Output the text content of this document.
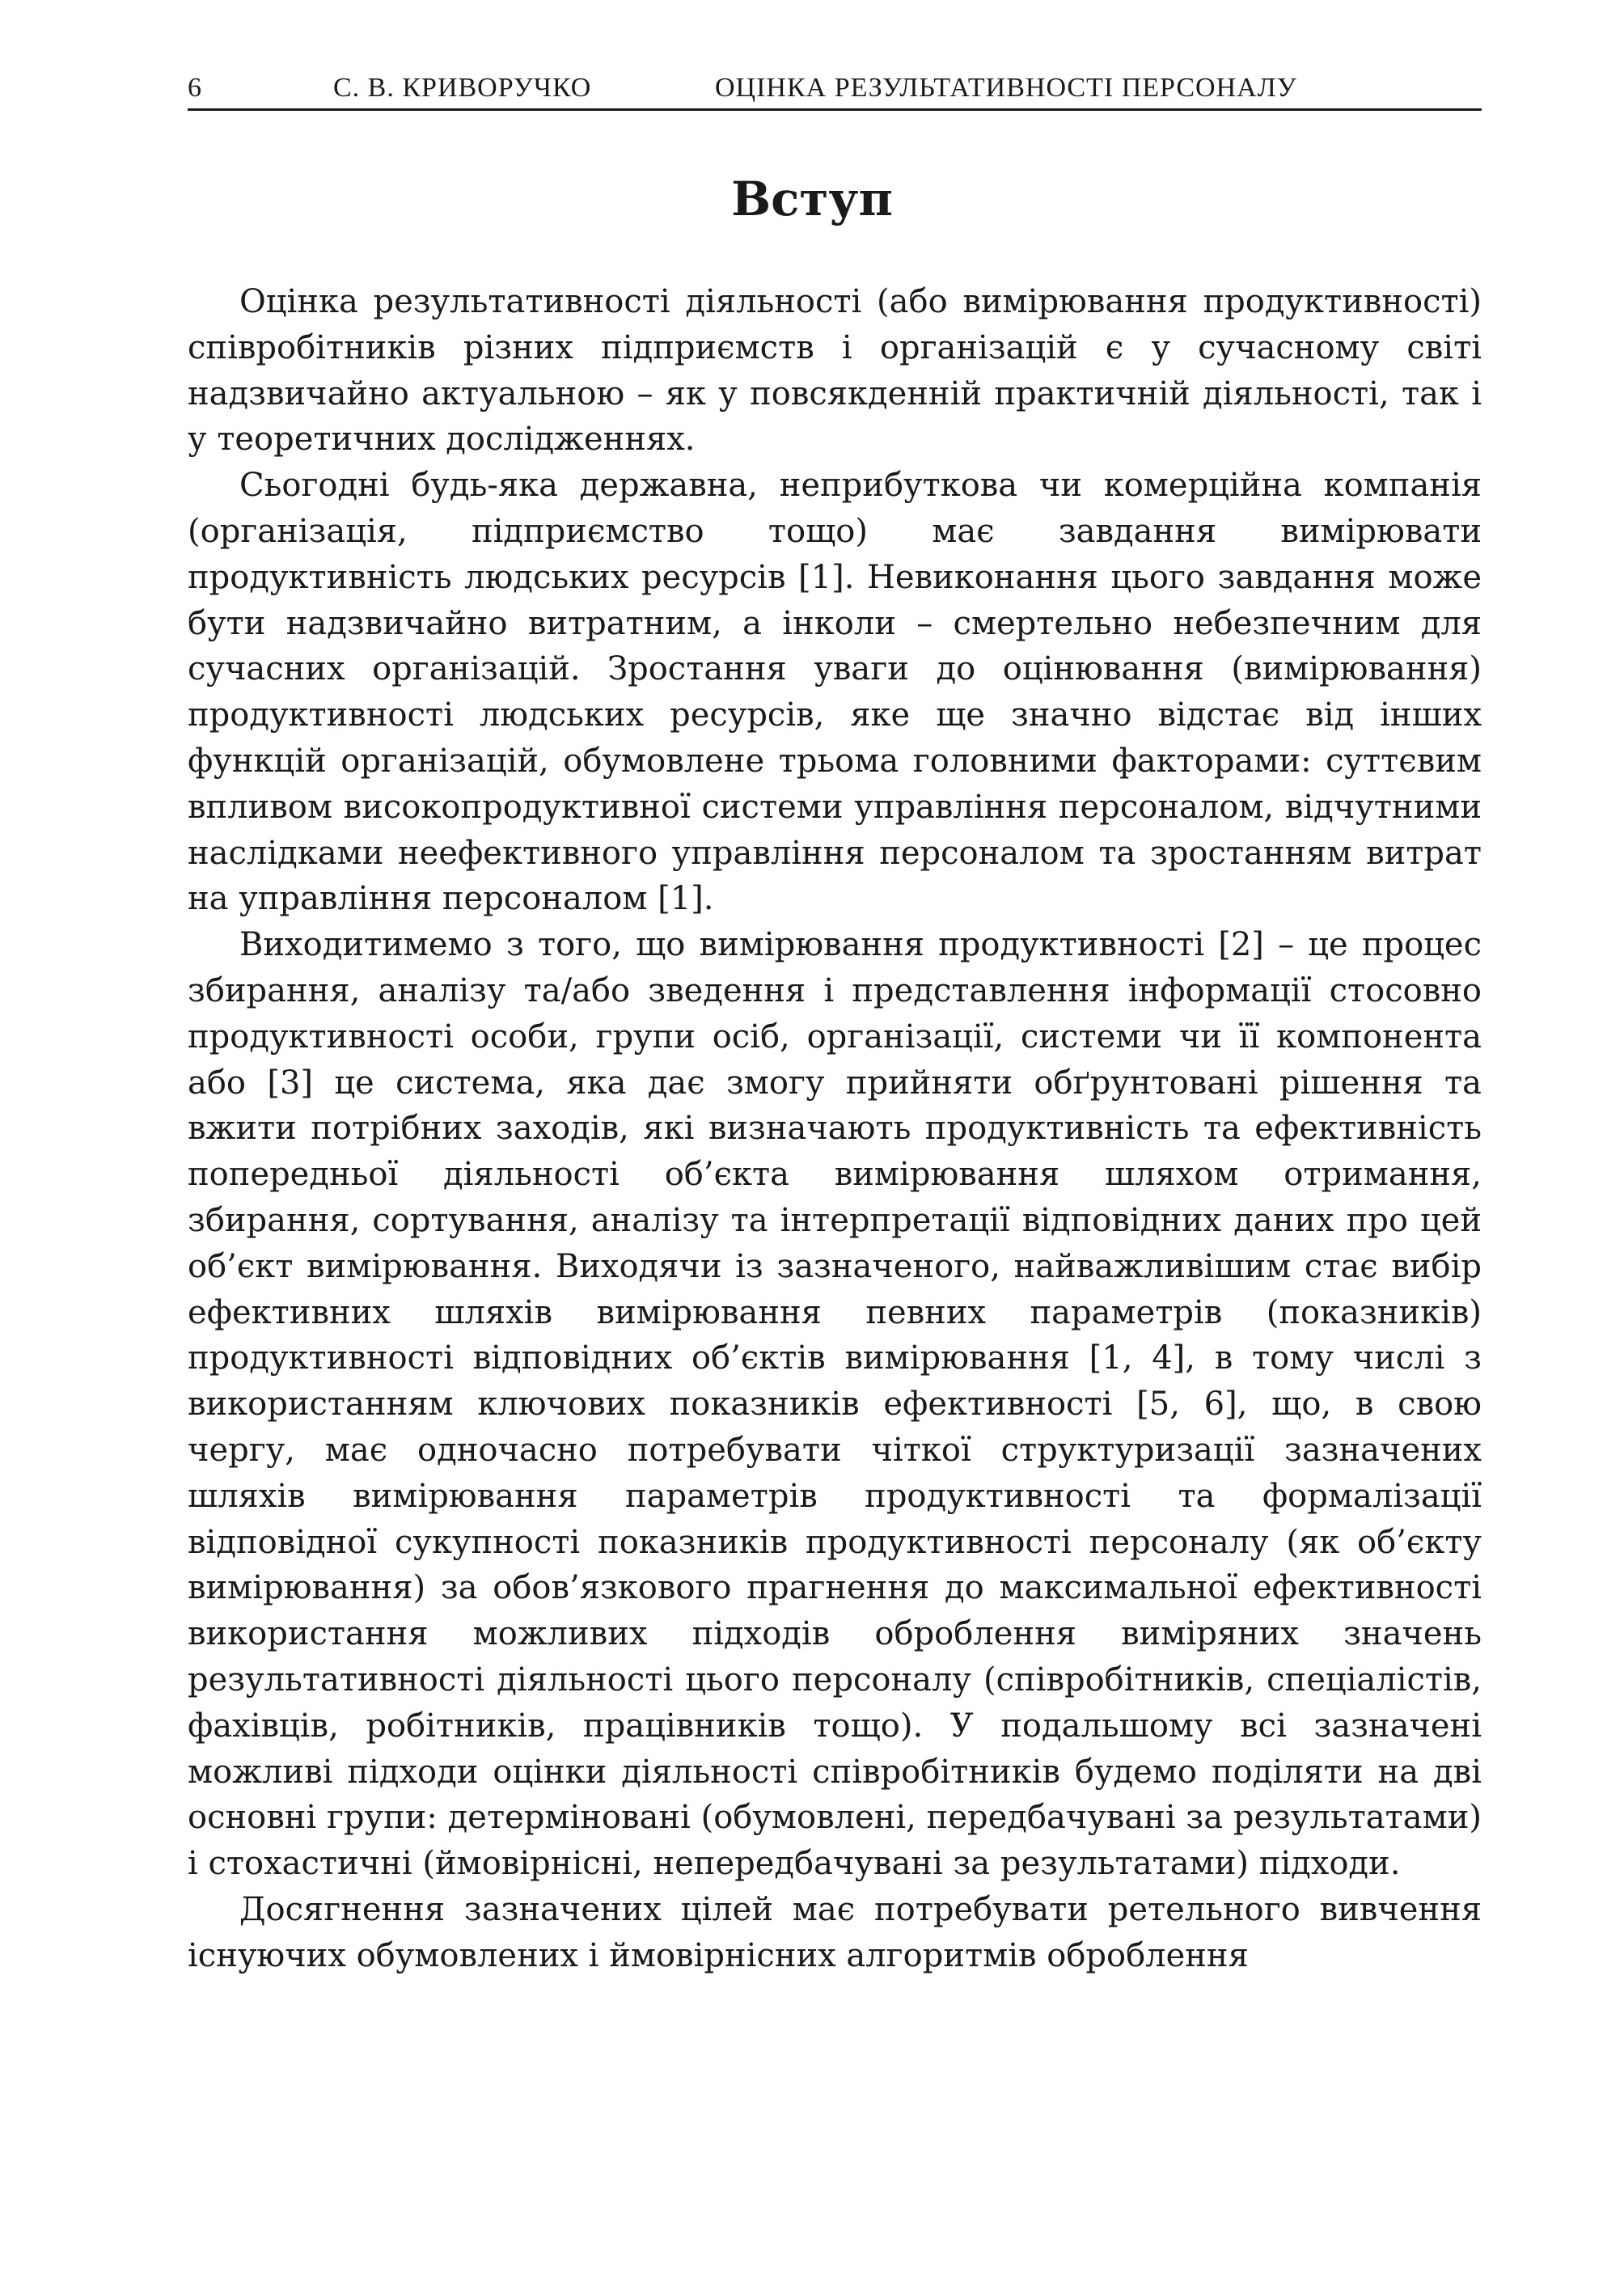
6	С. В. КРИВОРУЧКО	ОЦІНКА РЕЗУЛЬТАТИВНОСТІ ПЕРСОНАЛУ
Вступ

Оцінка результативності діяльності (або вимірювання продуктивності) співробітників різних підприємств і організацій є у сучасному світі надзвичайно актуальною – як у повсякденній практичній діяльності, так і у теоретичних дослідженнях.

Сьогодні будь-яка державна, неприбуткова чи комерційна компанія (організація, підприємство тощо) має завдання вимірювати продуктивність людських ресурсів [1]. Невиконання цього завдання може бути надзвичайно витратним, а інколи – смертельно небезпечним для сучасних організацій. Зростання уваги до оцінювання (вимірювання) продуктивності людських ресурсів, яке ще значно відстає від інших функцій організацій, обумовлене трьома головними факторами: суттєвим впливом високопродуктивної системи управління персоналом, відчутними наслідками неефективного управління персоналом та зростанням витрат на управління персоналом [1].

Виходитимемо з того, що вимірювання продуктивності [2] – це процес збирання, аналізу та/або зведення і представлення інформації стосовно продуктивності особи, групи осіб, організації, системи чи її компонента або [3] це система, яка дає змогу прийняти обґрунтовані рішення та вжити потрібних заходів, які визначають продуктивність та ефективність попередньої діяльності об’єкта вимірювання шляхом отримання, збирання, сортування, аналізу та інтерпретації відповідних даних про цей об’єкт вимірювання. Виходячи із зазначеного, найважливішим стає вибір ефективних шляхів вимірювання певних параметрів (показників) продуктивності відповідних об’єктів вимірювання [1, 4], в тому числі з використанням ключових показників ефективності [5, 6], що, в свою чергу, має одночасно потребувати чіткої структуризації зазначених шляхів вимірювання параметрів продуктивності та формалізації відповідної сукупності показників продуктивності персоналу (як об’єкту вимірювання) за обов’язкового прагнення до максимальної ефективності використання можливих підходів оброблення виміряних значень результативності діяльності цього персоналу (співробітників, спеціалістів, фахівців, робітників, працівників тощо). У подальшому всі зазначені можливі підходи оцінки діяльності співробітників будемо поділяти на дві основні групи: детерміновані (обумовлені, передбачувані за результатами) і стохастичні (ймовірнісні, непередбачувані за результатами) підходи.

Досягнення зазначених цілей має потребувати ретельного вивчення існуючих обумовлених і ймовірнісних алгоритмів оброблення
